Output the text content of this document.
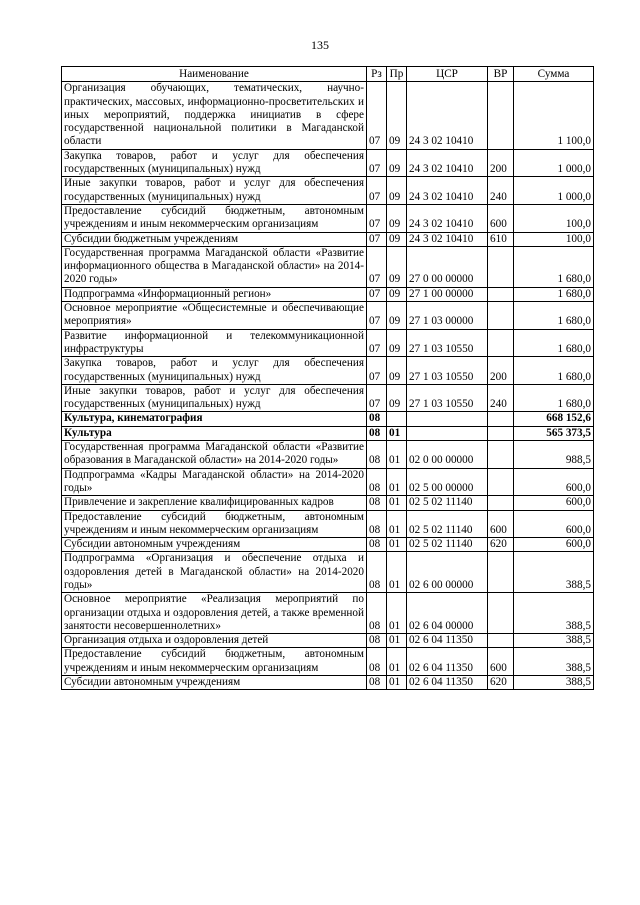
135
Наименование	Рз	Пр	ЦСР	ВР	Сумма
Организация обучающих, тематических, научно-практических, массовых, информационно-просветительских и иных мероприятий, поддержка инициатив в сфере государственной национальной политики в Магаданской области	07	09	24 3 02 10410		1 100,0
Закупка товаров, работ и услуг для обеспечения государственных (муниципальных) нужд	07	09	24 3 02 10410	200	1 000,0
Иные закупки товаров, работ и услуг для обеспечения государственных (муниципальных) нужд	07	09	24 3 02 10410	240	1 000,0
Предоставление субсидий бюджетным, автономным учреждениям и иным некоммерческим организациям	07	09	24 3 02 10410	600	100,0
Субсидии бюджетным учреждениям	07	09	24 3 02 10410	610	100,0
Государственная программа Магаданской области «Развитие информационного общества в Магаданской области» на 2014-2020 годы»	07	09	27 0 00 00000		1 680,0
Подпрограмма «Информационный регион»	07	09	27 1 00 00000		1 680,0
Основное мероприятие «Общесистемные и обеспечивающие мероприятия»	07	09	27 1 03 00000		1 680,0
Развитие информационной и телекоммуникационной инфраструктуры	07	09	27 1 03 10550		1 680,0
Закупка товаров, работ и услуг для обеспечения государственных (муниципальных) нужд	07	09	27 1 03 10550	200	1 680,0
Иные закупки товаров, работ и услуг для обеспечения государственных (муниципальных) нужд	07	09	27 1 03 10550	240	1 680,0
Культура, кинематография	08				668 152,6
Культура	08	01			565 373,5
Государственная программа Магаданской области «Развитие образования в Магаданской области» на 2014-2020 годы»	08	01	02 0 00 00000		988,5
Подпрограмма «Кадры Магаданской области» на 2014-2020 годы»	08	01	02 5 00 00000		600,0
Привлечение и закрепление квалифицированных кадров	08	01	02 5 02 11140		600,0
Предоставление субсидий бюджетным, автономным учреждениям и иным некоммерческим организациям	08	01	02 5 02 11140	600	600,0
Субсидии автономным учреждениям	08	01	02 5 02 11140	620	600,0
Подпрограмма «Организация и обеспечение отдыха и оздоровления детей в Магаданской области» на 2014-2020 годы»	08	01	02 6 00 00000		388,5
Основное мероприятие «Реализация мероприятий по организации отдыха и оздоровления детей, а также временной занятости несовершеннолетних»	08	01	02 6 04 00000		388,5
Организация отдыха и оздоровления детей	08	01	02 6 04 11350		388,5
Предоставление субсидий бюджетным, автономным учреждениям и иным некоммерческим организациям	08	01	02 6 04 11350	600	388,5
Субсидии автономным учреждениям	08	01	02 6 04 11350	620	388,5
